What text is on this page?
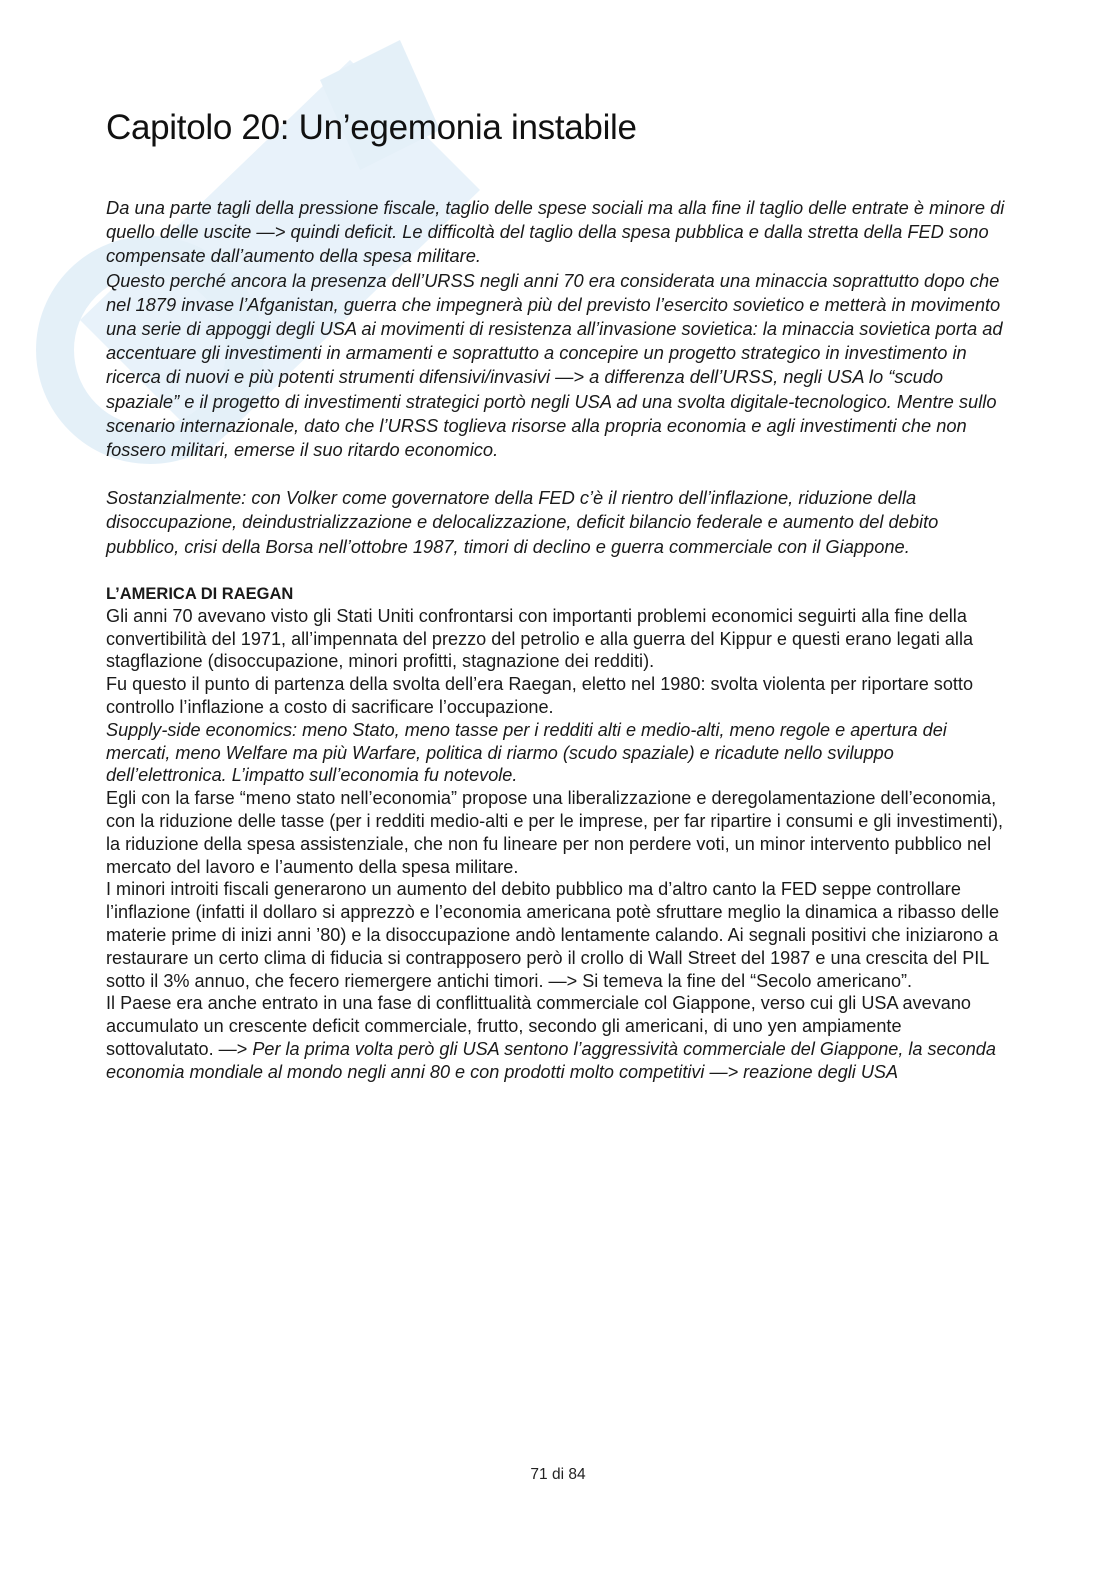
Capitolo 20: Un’egemonia instabile

Da una parte tagli della pressione fiscale, taglio delle spese sociali ma alla fine il taglio delle entrate è minore di quello delle uscite —> quindi deficit. Le difficoltà del taglio della spesa pubblica e dalla stretta della FED sono compensate dall’aumento della spesa militare.

Questo perché ancora la presenza dell’URSS negli anni 70 era considerata una minaccia soprattutto dopo che nel 1879 invase l’Afganistan, guerra che impegnerà più del previsto l’esercito sovietico e metterà in movimento una serie di appoggi degli USA ai movimenti di resistenza all’invasione sovietica: la minaccia sovietica porta ad accentuare gli investimenti in armamenti e soprattutto a concepire un progetto strategico in investimento in ricerca di nuovi e più potenti strumenti difensivi/invasivi —> a differenza dell’URSS, negli USA lo “scudo spaziale” e il progetto di investimenti strategici portò negli USA ad una svolta digitale-tecnologico. Mentre sullo scenario internazionale, dato che l’URSS toglieva risorse alla propria economia e agli investimenti che non fossero militari, emerse il suo ritardo economico.

Sostanzialmente: con Volker come governatore della FED c’è il rientro dell’inflazione, riduzione della disoccupazione, deindustrializzazione e delocalizzazione, deficit bilancio federale e aumento del debito pubblico, crisi della Borsa nell’ottobre 1987, timori di declino e guerra commerciale con il Giappone.

L’AMERICA DI RAEGAN

Gli anni 70 avevano visto gli Stati Uniti confrontarsi con importanti problemi economici seguirti alla fine della convertibilità del 1971, all’impennata del prezzo del petrolio e alla guerra del Kippur e questi erano legati alla stagflazione (disoccupazione, minori profitti, stagnazione dei redditi).

Fu questo il punto di partenza della svolta dell’era Raegan, eletto nel 1980: svolta violenta per riportare sotto controllo l’inflazione a costo di sacrificare l’occupazione.

Supply-side economics: meno Stato, meno tasse per i redditi alti e medio-alti, meno regole e apertura dei mercati, meno Welfare ma più Warfare, politica di riarmo (scudo spaziale) e ricadute nello sviluppo dell’elettronica. L’impatto sull’economia fu notevole.

Egli con la farse “meno stato nell’economia” propose una liberalizzazione e deregolamentazione dell’economia, con la riduzione delle tasse (per i redditi medio-alti e per le imprese, per far ripartire i consumi e gli investimenti), la riduzione della spesa assistenziale, che non fu lineare per non perdere voti, un minor intervento pubblico nel mercato del lavoro e l’aumento della spesa militare.

I minori introiti fiscali generarono un aumento del debito pubblico ma d’altro canto la FED seppe controllare l’inflazione (infatti il dollaro si apprezzò e l’economia americana potè sfruttare meglio la dinamica a ribasso delle materie prime di inizi anni ’80) e la disoccupazione andò lentamente calando. Ai segnali positivi che iniziarono a restaurare un certo clima di fiducia si contrapposero però il crollo di Wall Street del 1987 e una crescita del PIL sotto il 3% annuo, che fecero riemergere antichi timori. —> Si temeva la fine del “Secolo americano”.

Il Paese era anche entrato in una fase di conflittualità commerciale col Giappone, verso cui gli USA avevano accumulato un crescente deficit commerciale, frutto, secondo gli americani, di uno yen ampiamente sottovalutato. —> Per la prima volta però gli USA sentono l’aggressività commerciale del Giappone, la seconda economia mondiale al mondo negli anni 80 e con prodotti molto competitivi —> reazione degli USA

71 di 84
